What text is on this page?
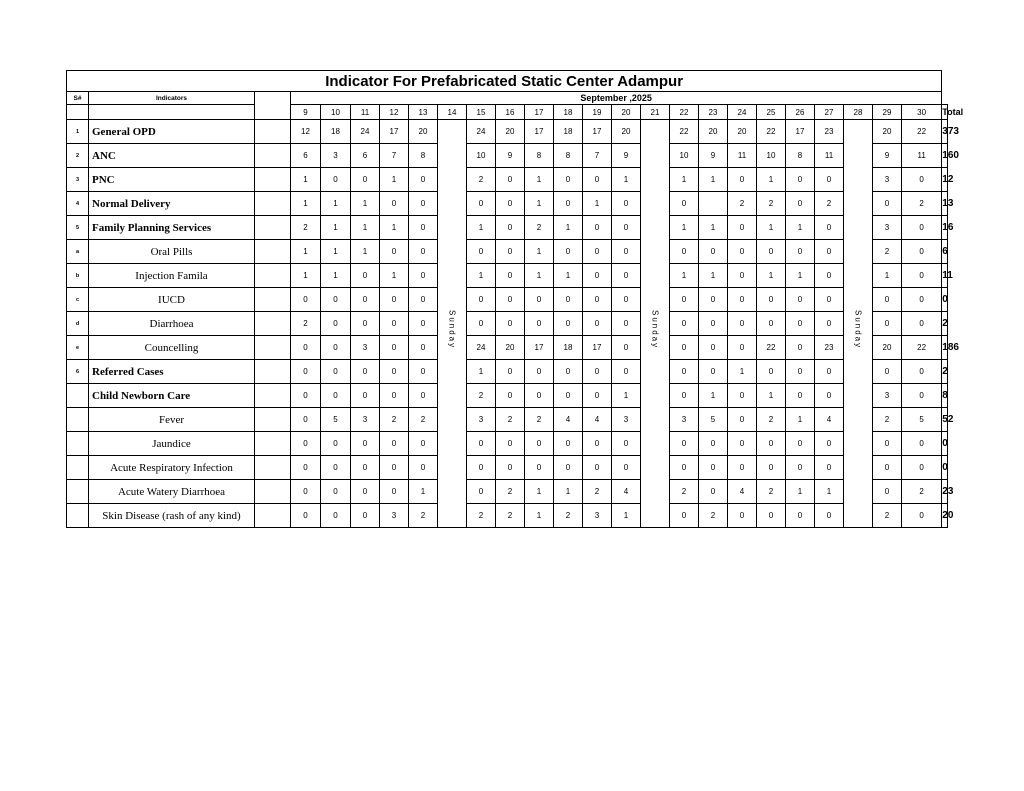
Indicator For Prefabricated Static Center Adampur																									
S#	Indicators		September ,2025																						
			9	10	11	12	13	14	15	16	17	18	19	20	21	22	23	24	25	26	27	28	29	30	Total
1	General OPD		12	18	24	17	20	Sunday	24	20	17	18	17	20	Sunday	22	20	20	22	17	23	Sunday	20	22	373
2	ANC		6	3	6	7	8		10	9	8	8	7	9		10	9	11	10	8	11		9	11	160
3	PNC		1	0	0	1	0		2	0	1	0	0	1		1	1	0	1	0	0		3	0	12
4	Normal Delivery		1	1	1	0	0		0	0	1	0	1	0		0		2	2	0	2		0	2	13
5	Family Planning Services		2	1	1	1	0		1	0	2	1	0	0		1	1	0	1	1	0		3	0	16
a	Oral Pills		1	1	1	0	0		0	0	1	0	0	0		0	0	0	0	0	0		2	0	6
b	Injection Famila		1	1	0	1	0		1	0	1	1	0	0		1	1	0	1	1	0		1	0	11
c	IUCD		0	0	0	0	0		0	0	0	0	0	0		0	0	0	0	0	0		0	0	0
d	Diarrhoea		2	0	0	0	0		0	0	0	0	0	0		0	0	0	0	0	0		0	0	2
e	Councelling		0	0	3	0	0		24	20	17	18	17	0		0	0	0	22	0	23		20	22	186
6	Referred Cases		0	0	0	0	0		1	0	0	0	0	0		0	0	1	0	0	0		0	0	2
	Child Newborn Care		0	0	0	0	0		2	0	0	0	0	1		0	1	0	1	0	0		3	0	8
	Fever		0	5	3	2	2		3	2	2	4	4	3		3	5	0	2	1	4		2	5	52
	Jaundice		0	0	0	0	0		0	0	0	0	0	0		0	0	0	0	0	0		0	0	0
	Acute Respiratory Infection		0	0	0	0	0		0	0	0	0	0	0		0	0	0	0	0	0		0	0	0
	Acute Watery Diarrhoea		0	0	0	0	1		0	2	1	1	2	4		2	0	4	2	1	1		0	2	23
	Skin Disease (rash of any kind)		0	0	0	3	2		2	2	1	2	3	1		0	2	0	0	0	0		2	0	20
